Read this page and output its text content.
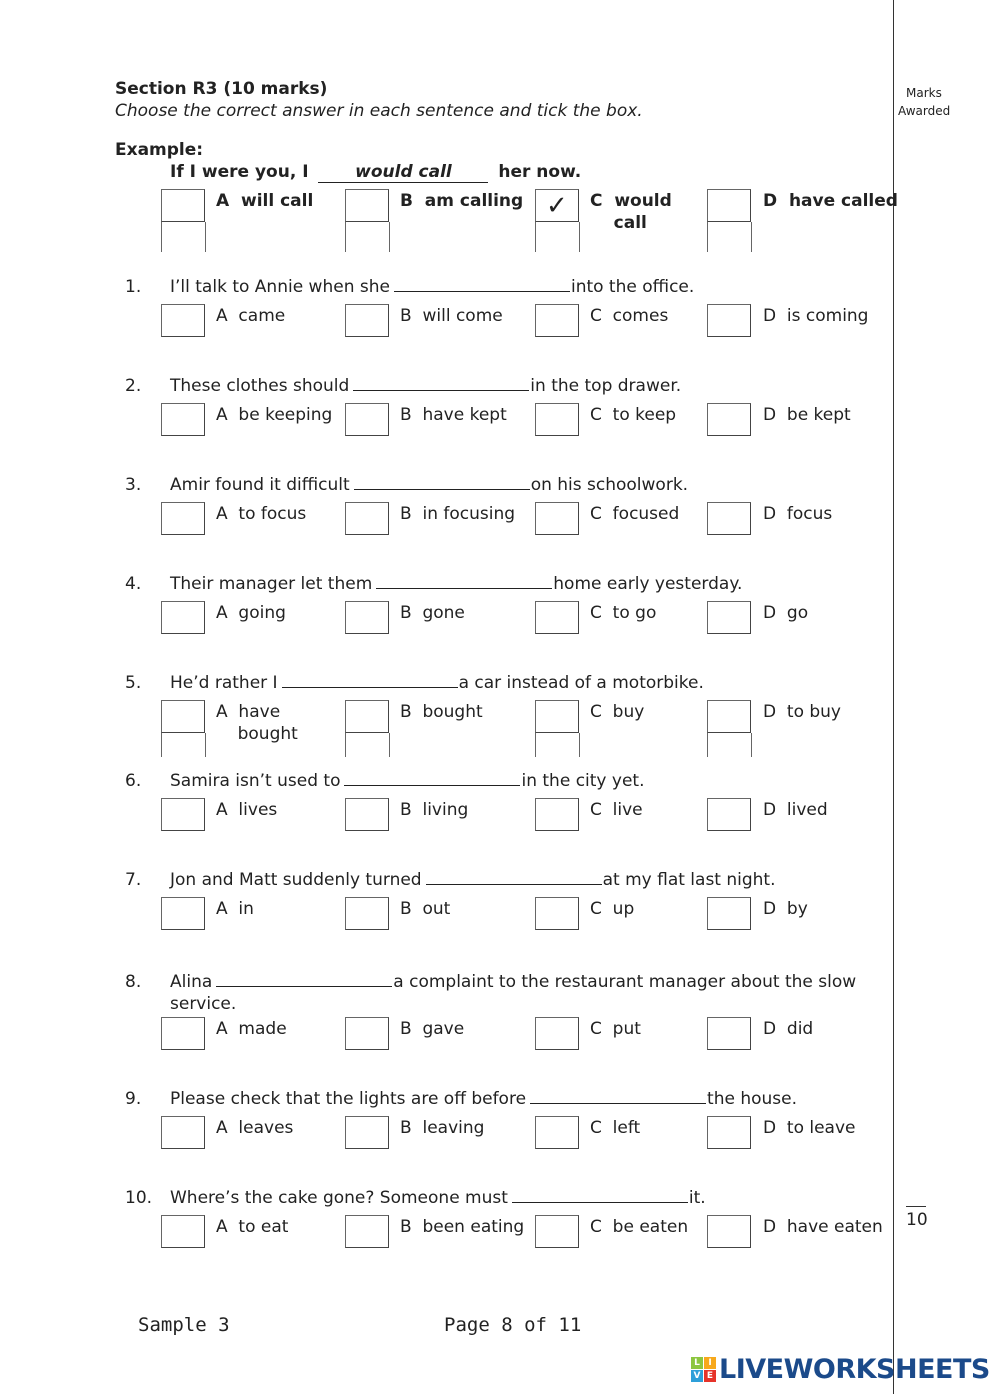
Section R3 (10 marks)
Choose the correct answer in each sentence and tick the box.
Marks
Awarded
Example:
If I were you, I	would call	her now.
A  will call	B  am calling ✓ C  would
call
D  have called
1. I’ll talk to Annie when she	into the office.
A  came	B  will come	C  comes	D  is coming
2. These clothes should	in the top drawer.
A  be keeping	B  have kept	C  to keep	D  be kept
3. Amir found it difficult	on his schoolwork.
A  to focus	B  in focusing	C  focused	D  focus
4. Their manager let them	home early yesterday.
A  going	B  gone	C  to go	D  go
5. He’d rather I	a car instead of a motorbike.
A  have
bought
B  bought	C  buy	D  to buy
6. Samira isn’t used to	in the city yet.
A  lives	B  living	C  live	D  lived
7. Jon and Matt suddenly turned	at my flat last night.
A  in	B  out	C  up	D  by
8. Alina	a complaint to the restaurant manager about the slow
service.
A  made	B  gave	C  put	D  did
9. Please check that the lights are off before	the house.
A  leaves	B  leaving	C  left	D  to leave
10. Where’s the cake gone? Someone must	it.
A  to eat	B  been eating	C  be eaten	D  have eaten 10
Sample 3	Page 8 of 11
L I
V E LIVEWORKSHEETS
